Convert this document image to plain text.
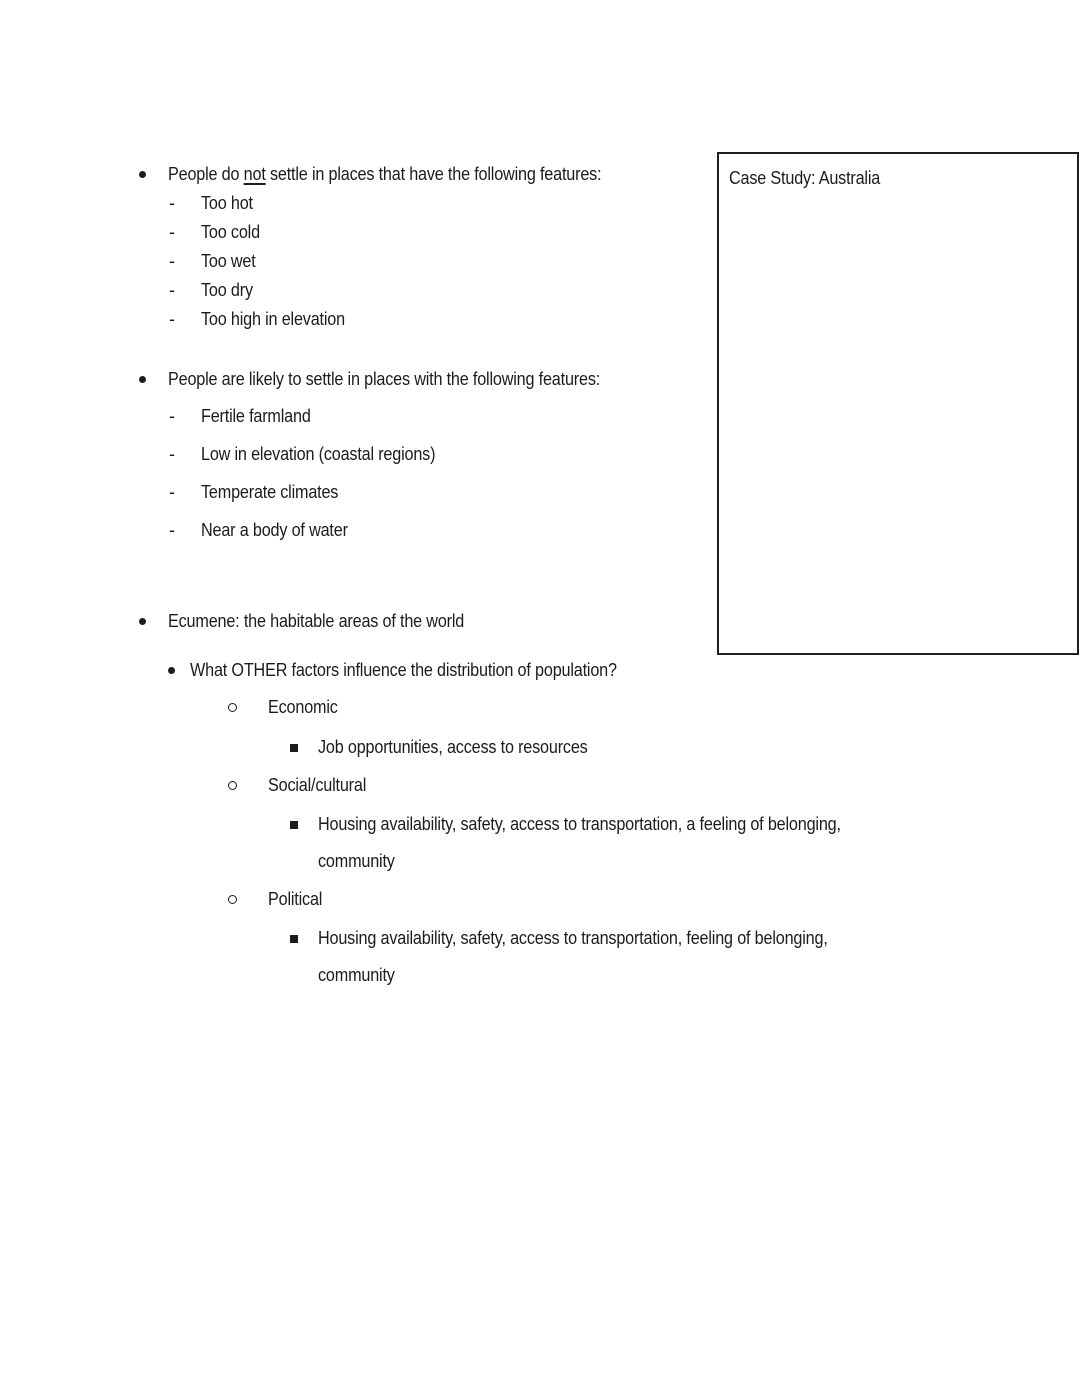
People do not settle in places that have the following features:
- Too hot
- Too cold
- Too wet
- Too dry
- Too high in elevation
People are likely to settle in places with the following features:
- Fertile farmland
- Low in elevation (coastal regions)
- Temperate climates
- Near a body of water
Ecumene: the habitable areas of the world
What OTHER factors influence the distribution of population?
Economic
Job opportunities, access to resources
Social/cultural
Housing availability, safety, access to transportation, a feeling of belonging,
community
Political
Housing availability, safety, access to transportation, feeling of belonging,
community
Case Study: Australia
